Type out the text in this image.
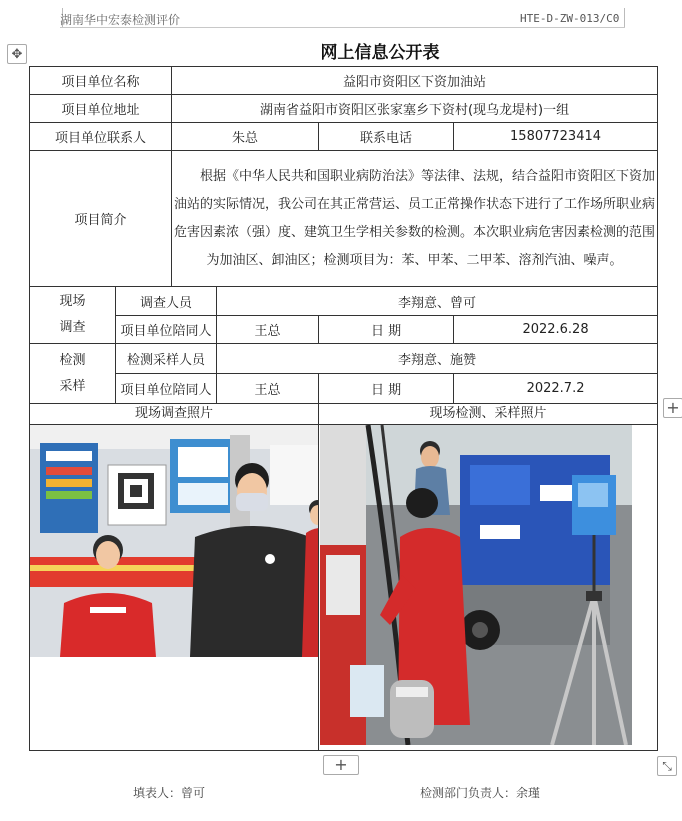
湖南华中宏泰检测评价	HTE-D-ZW-013/C0
✥	网上信息公开表
项目单位名称		益阳市资阳区下资加油站			
项目单位地址		湖南省益阳市资阳区张家塞乡下资村(现乌龙堤村)一组			
项目单位联系人		朱总		联系电话	15807723414
项目简介		根据《中华人民共和国职业病防治法》等法律、法规，结合益阳市资阳区下资加油站的实际情况，我公司在其正常营运、员工正常操作状态下进行了工作场所职业病危害因素浓（强）度、建筑卫生学相关参数的检测。本次职业病危害因素检测的范围为加油区、卸油区；检测项目为：苯、甲苯、二甲苯、溶剂汽油、噪声。			

现场
调查	调查人员		李翔意、曾可		
	项目单位陪同人		王总	日 期	2022.6.28

检测
采样	检测采样人员		李翔意、施赞		
	项目单位陪同人		王总	日 期	2022.7.2

现场调查照片				现场检测、采样照片		+
+	⤡
填表人：曾可	检测部门负责人：余瑾
